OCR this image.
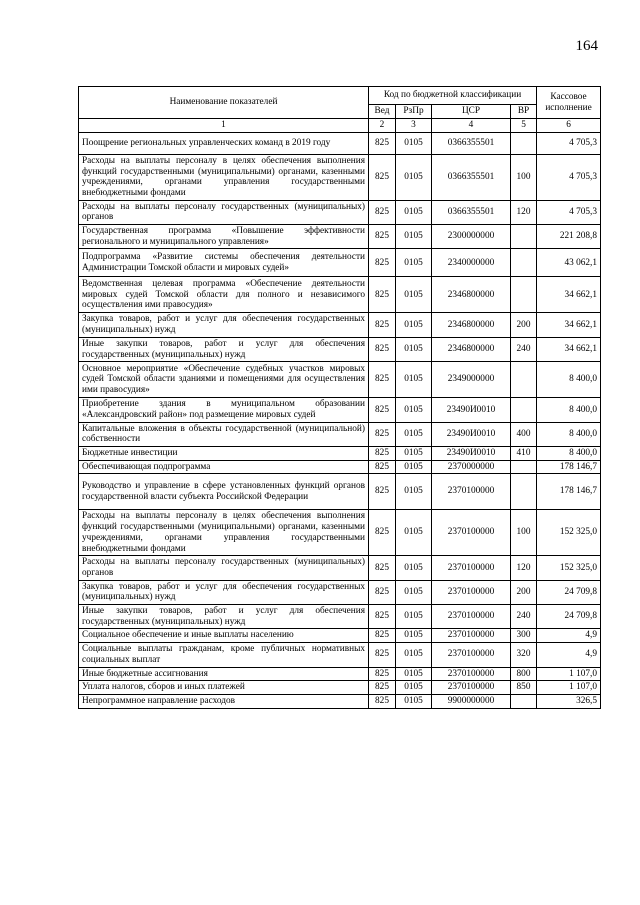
164
Наименование показателей	Код по бюджетной классификации				Кассовое исполнение
	Вед	РзПр	ЦСР	ВР	
1	2	3	4	5	6
Поощрение региональных управленческих команд в 2019 году	825	0105	0366355501		4 705,3
Расходы на выплаты персоналу в целях обеспечения выполнения функций государственными (муниципальными) органами, казенными учреждениями, органами управления государственными внебюджетными фондами	825	0105	0366355501	100	4 705,3
Расходы на выплаты персоналу государственных (муниципальных) органов	825	0105	0366355501	120	4 705,3
Государственная программа «Повышение эффективности регионального и муниципального управления»	825	0105	2300000000		221 208,8
Подпрограмма «Развитие системы обеспечения деятельности Администрации Томской области и мировых судей»	825	0105	2340000000		43 062,1
Ведомственная целевая программа «Обеспечение деятельности мировых судей Томской области для полного и независимого осуществления ими правосудия»	825	0105	2346800000		34 662,1
Закупка товаров, работ и услуг для обеспечения государственных (муниципальных) нужд	825	0105	2346800000	200	34 662,1
Иные закупки товаров, работ и услуг для обеспечения государственных (муниципальных) нужд	825	0105	2346800000	240	34 662,1
Основное мероприятие «Обеспечение судебных участков мировых судей Томской области зданиями и помещениями для осуществления ими правосудия»	825	0105	2349000000		8 400,0
Приобретение здания в муниципальном образовании «Александровский район» под размещение мировых судей	825	0105	23490И0010		8 400,0
Капитальные вложения в объекты государственной (муниципальной) собственности	825	0105	23490И0010	400	8 400,0
Бюджетные инвестиции	825	0105	23490И0010	410	8 400,0
Обеспечивающая подпрограмма	825	0105	2370000000		178 146,7
Руководство и управление в сфере установленных функций органов государственной власти субъекта Российской Федерации	825	0105	2370100000		178 146,7
Расходы на выплаты персоналу в целях обеспечения выполнения функций государственными (муниципальными) органами, казенными учреждениями, органами управления государственными внебюджетными фондами	825	0105	2370100000	100	152 325,0
Расходы на выплаты персоналу государственных (муниципальных) органов	825	0105	2370100000	120	152 325,0
Закупка товаров, работ и услуг для обеспечения государственных (муниципальных) нужд	825	0105	2370100000	200	24 709,8
Иные закупки товаров, работ и услуг для обеспечения государственных (муниципальных) нужд	825	0105	2370100000	240	24 709,8
Социальное обеспечение и иные выплаты населению	825	0105	2370100000	300	4,9
Социальные выплаты гражданам, кроме публичных нормативных социальных выплат	825	0105	2370100000	320	4,9
Иные бюджетные ассигнования	825	0105	2370100000	800	1 107,0
Уплата налогов, сборов и иных платежей	825	0105	2370100000	850	1 107,0
Непрограммное направление расходов	825	0105	9900000000		326,5
